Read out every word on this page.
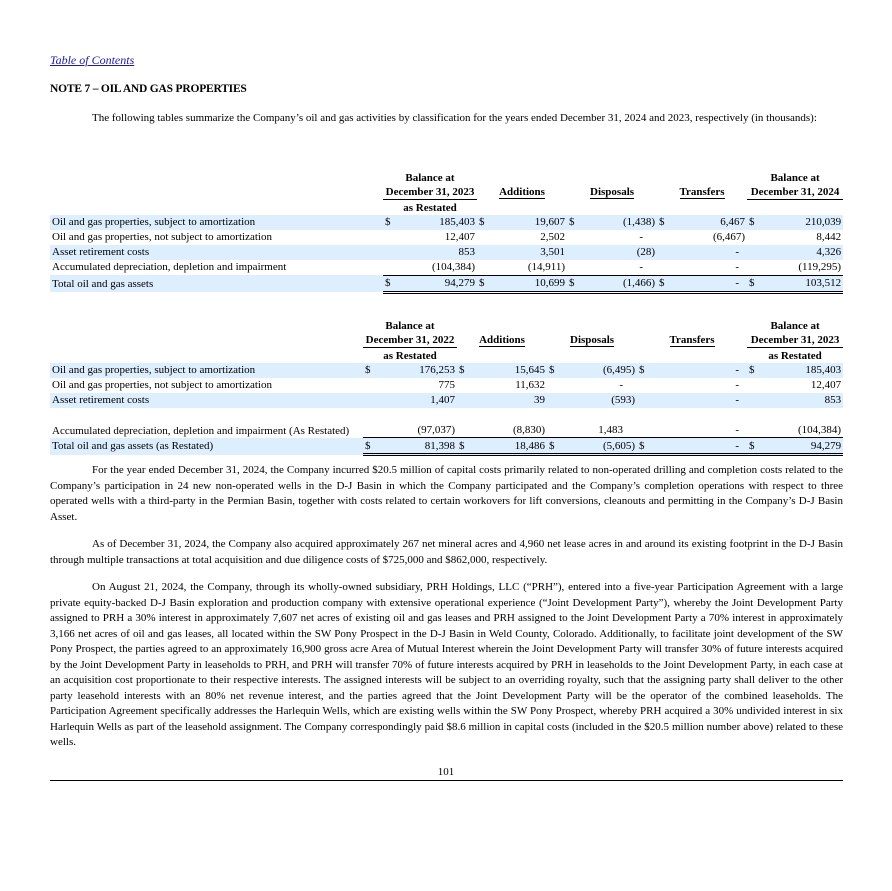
Table of Contents
NOTE 7 – OIL AND GAS PROPERTIES
The following tables summarize the Company’s oil and gas activities by classification for the years ended December 31, 2024 and 2023, respectively (in thousands):
	Balance at December 31, 2023		Additions		Disposals		Transfers		Balance at December 31, 2024	
	as Restated									
Oil and gas properties, subject to amortization	$	185,403	$	19,607	$	(1,438)	$	6,467	$	210,039
Oil and gas properties, not subject to amortization		12,407		2,502		-		(6,467)		8,442
Asset retirement costs		853		3,501		(28)		-		4,326
Accumulated depreciation, depletion and impairment		(104,384)		(14,911)		-		-		(119,295)
Total oil and gas assets	$	94,279	$	10,699	$	(1,466)	$	-	$	103,512
	Balance at December 31, 2022		Additions		Disposals		Transfers		Balance at December 31, 2023	
	as Restated								as Restated	
Oil and gas properties, subject to amortization	$	176,253	$	15,645	$	(6,495)	$	-	$	185,403
Oil and gas properties, not subject to amortization		775		11,632		-		-		12,407
Asset retirement costs		1,407		39		(593)		-		853
Accumulated depreciation, depletion and impairment (As Restated)		(97,037)		(8,830)		1,483		-		(104,384)
Total oil and gas assets (as Restated)	$	81,398	$	18,486	$	(5,605)	$	-	$	94,279
For the year ended December 31, 2024, the Company incurred $20.5 million of capital costs primarily related to non-operated drilling and completion costs related to the Company’s participation in 24 new non-operated wells in the D-J Basin in which the Company participated and the Company’s completion operations with respect to three operated wells with a third-party in the Permian Basin, together with costs related to certain workovers for lift conversions, cleanouts and permitting in the Company’s D-J Basin Asset.
As of December 31, 2024, the Company also acquired approximately 267 net mineral acres and 4,960 net lease acres in and around its existing footprint in the D-J Basin through multiple transactions at total acquisition and due diligence costs of $725,000 and $862,000, respectively.
On August 21, 2024, the Company, through its wholly-owned subsidiary, PRH Holdings, LLC (“PRH”), entered into a five-year Participation Agreement with a large private equity-backed D-J Basin exploration and production company with extensive operational experience (“Joint Development Party”), whereby the Joint Development Party assigned to PRH a 30% interest in approximately 7,607 net acres of existing oil and gas leases and PRH assigned to the Joint Development Party a 70% interest in approximately 3,166 net acres of oil and gas leases, all located within the SW Pony Prospect in the D-J Basin in Weld County, Colorado. Additionally, to facilitate joint development of the SW Pony Prospect, the parties agreed to an approximately 16,900 gross acre Area of Mutual Interest wherein the Joint Development Party will transfer 30% of future interests acquired by the Joint Development Party in leaseholds to PRH, and PRH will transfer 70% of future interests acquired by PRH in leaseholds to the Joint Development Party, in each case at an acquisition cost proportionate to their respective interests. The assigned interests will be subject to an overriding royalty, such that the assigning party shall deliver to the other party leasehold interests with an 80% net revenue interest, and the parties agreed that the Joint Development Party will be the operator of the combined leaseholds. The Participation Agreement specifically addresses the Harlequin Wells, which are existing wells within the SW Pony Prospect, whereby PRH acquired a 30% undivided interest in six Harlequin Wells as part of the leasehold assignment. The Company correspondingly paid $8.6 million in capital costs (included in the $20.5 million number above) related to these wells.
101
